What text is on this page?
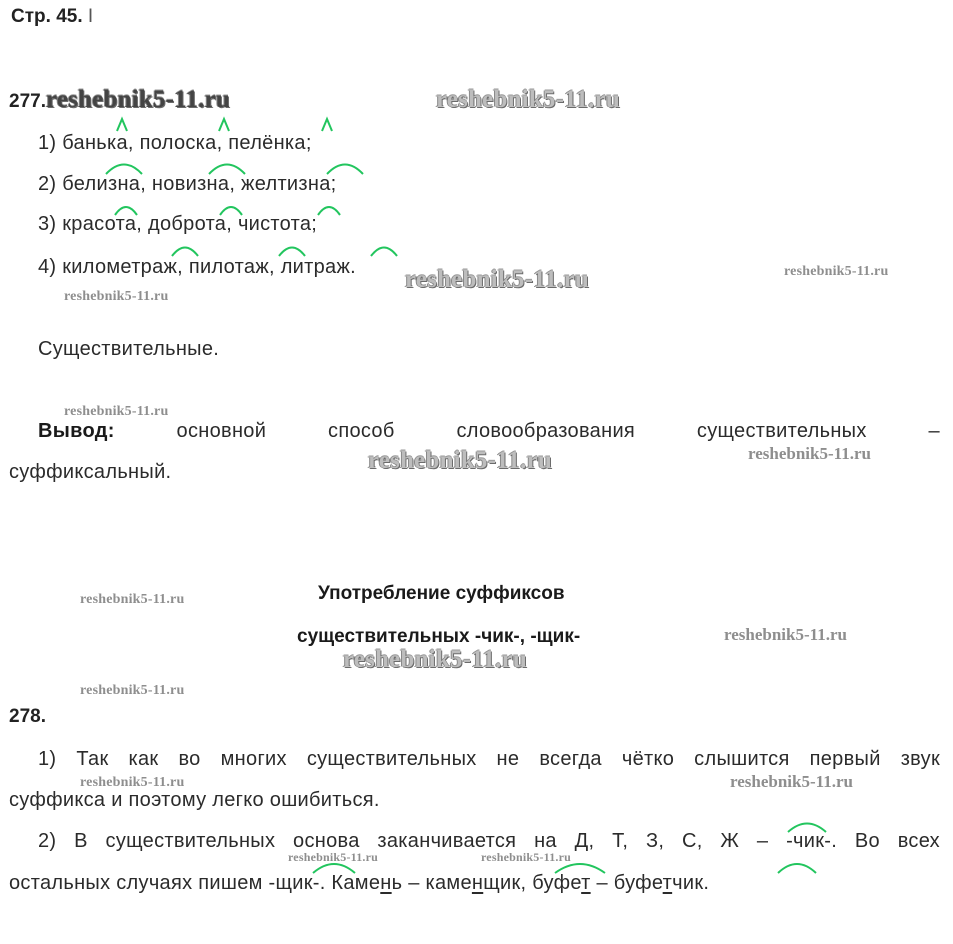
Стр. 45. I
277.reshebnik5-11.ru	reshebnik5-11.ru
1) банька, полоска, пелёнка;
2) белизна, новизна, желтизна;
3) красота, доброта, чистота;
4) километраж, пилотаж, литраж. reshebnik5-11.ru	reshebnik5-11.ru
reshebnik5-11.ru
Существительные.
reshebnik5-11.ru
Вывод:	основной	способ	словообразования	существительных	–
суффиксальный.	reshebnik5-11.ru	reshebnik5-11.ru
Употребление суффиксов
существительных -чик-, -щик-
reshebnik5-11.ru
reshebnik5-11.ru
reshebnik5-11.ru
reshebnik5-11.ru
278.
1) Так как во многих существительных не всегда чётко слышится первый звук
суффикса и поэтому легко ошибиться.
reshebnik5-11.ru	reshebnik5-11.ru
2) В существительных основа заканчивается на Д, Т, З, С, Ж – -чик-. Во всех
остальных случаях пишем -щик-. Камень – каменщик, буфет – буфетчик.
reshebnik5-11.ru	reshebnik5-11.ru
